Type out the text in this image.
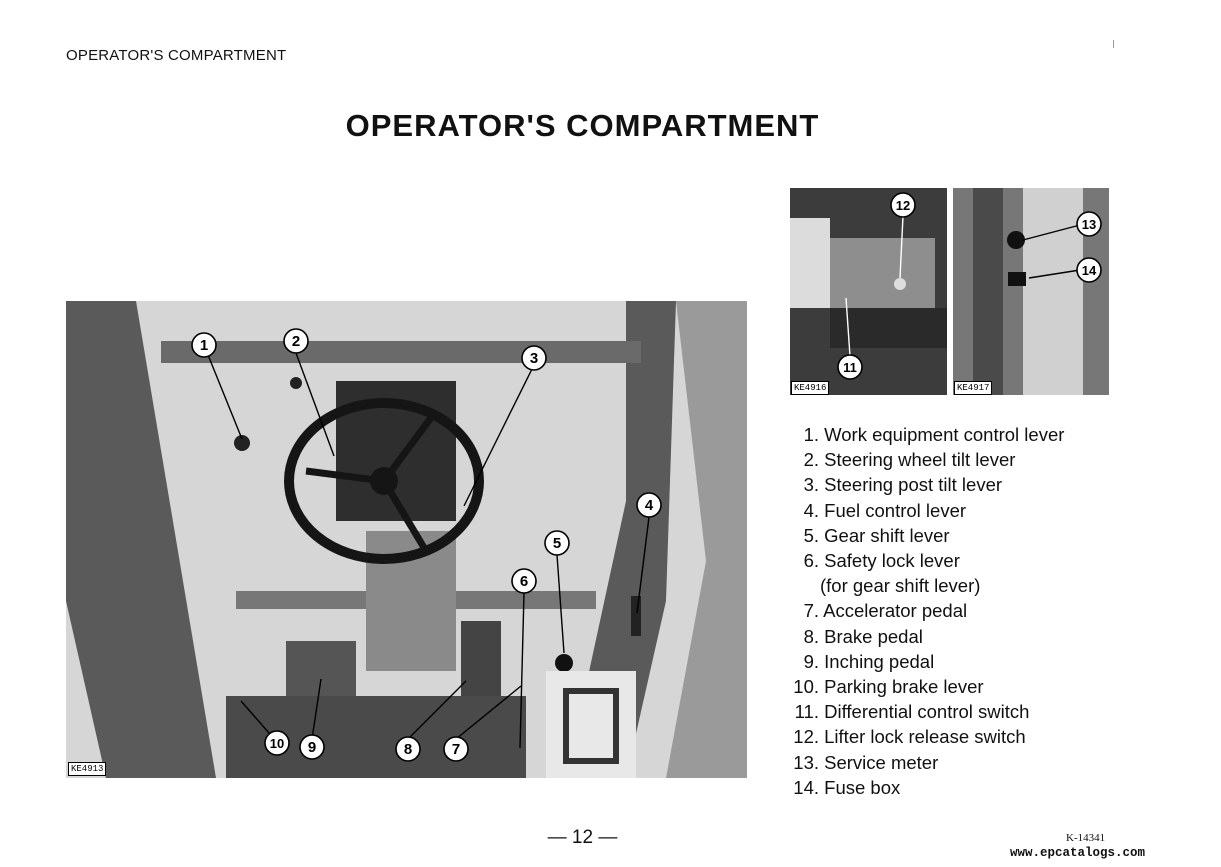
OPERATOR'S COMPARTMENT
OPERATOR'S COMPARTMENT
1	2
3
4
5
6
7
8
9
10
KE4913
12
11
KE4916
13
14
KE4917
1. Work equipment control lever
2. Steering wheel tilt lever
3. Steering post tilt lever
4. Fuel control lever
5. Gear shift lever
6. Safety lock lever
(for gear shift lever)
7. Accelerator pedal
8. Brake pedal
9. Inching pedal
10. Parking brake lever
11. Differential control switch
12. Lifter lock release switch
13. Service meter
14. Fuse box
— 12 —	K-14341
www.epcatalogs.com
